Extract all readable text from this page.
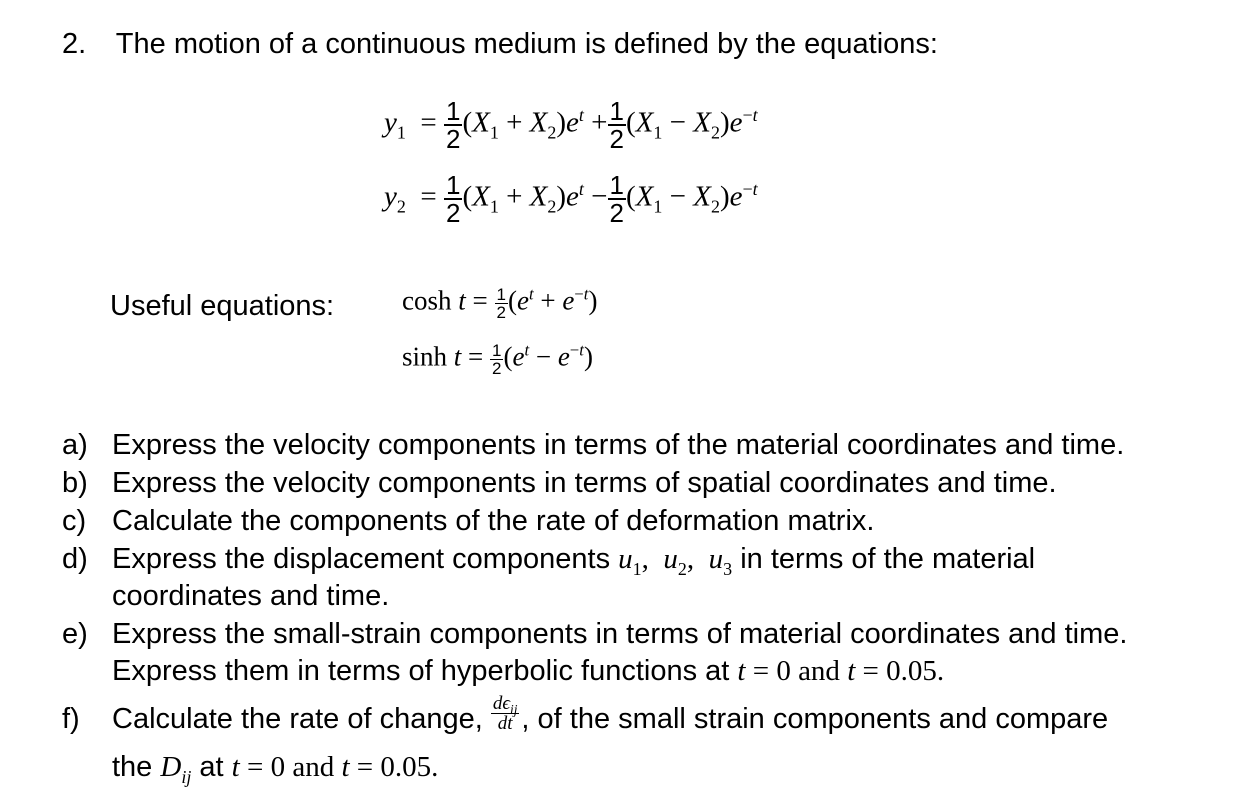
2. The motion of a continuous medium is defined by the equations:
$y_1 = \frac{1}{2} (X_1 + X_2)e^t + \frac{1}{2} (X_1 - X_2)e^{-t}$
$y_2 = \frac{1}{2} (X_1 + X_2)e^t - \frac{1}{2} (X_1 - X_2)e^{-t}$
Useful equations:	$\cosh t = \frac{1}{2} (e^t + e^{-t})$
$\sinh t = \frac{1}{2} (e^t - e^{-t})$
a) Express the velocity components in terms of the material coordinates and time.
b) Express the velocity components in terms of spatial coordinates and time.
c) Calculate the components of the rate of deformation matrix.
d) Express the displacement components $u_1$,  $u_2$,  $u_3$ in terms of the material
coordinates and time.
e) Express the small-strain components in terms of material coordinates and time.
Express them in terms of hyperbolic functions at t = 0 and t = 0.05.
f) Calculate the rate of change, $\frac{d\epsilon_{ij}}{dt}$ , of the small strain components and compare
the $D_{ij}$ at t = 0 and t = 0.05.
